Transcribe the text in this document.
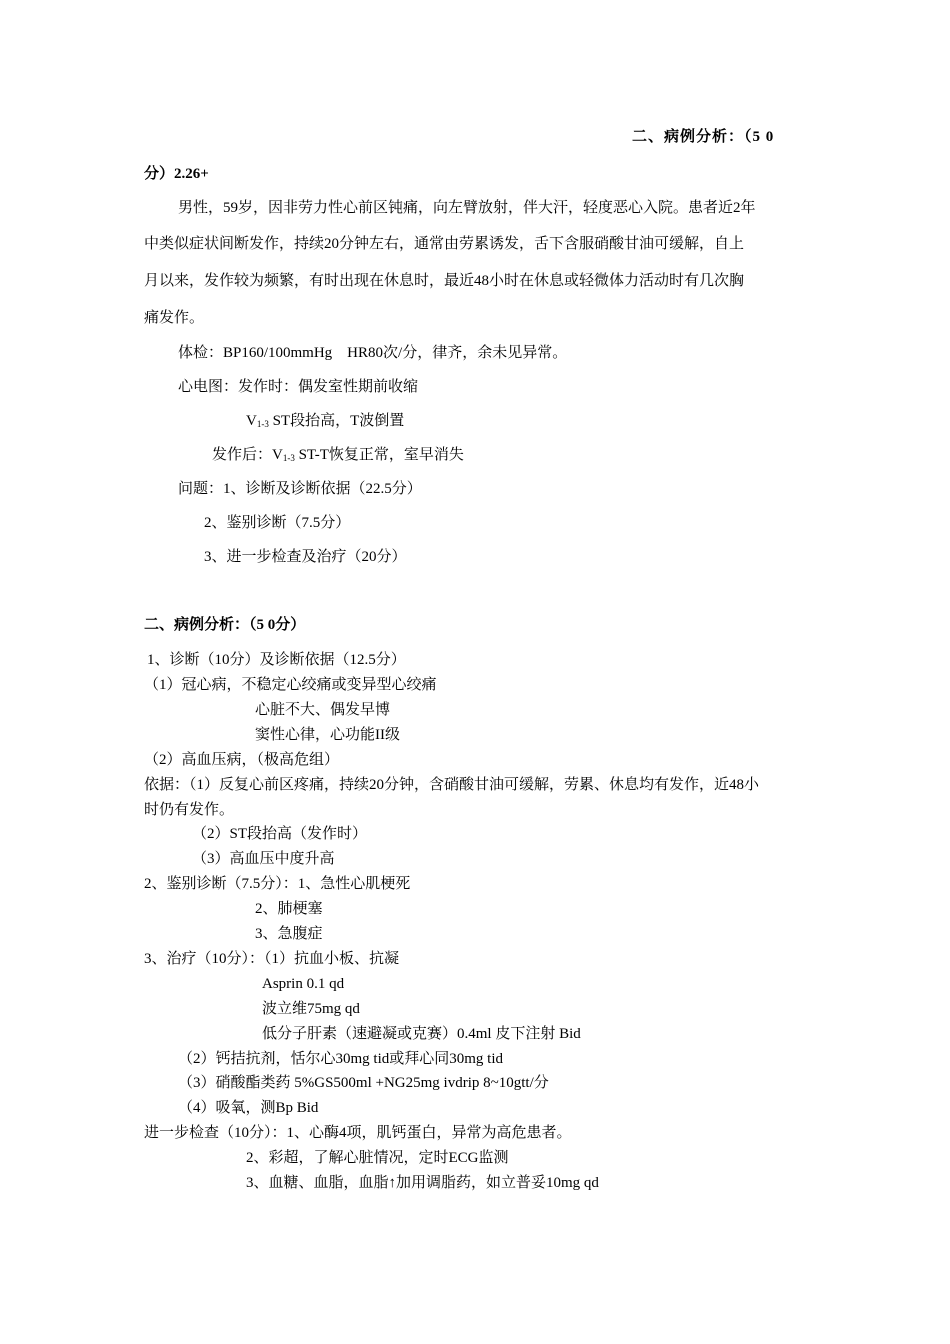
二、病例分析：（5 0
分）2.26+
男性，59岁，因非劳力性心前区钝痛，向左臂放射，伴大汗，轻度恶心入院。患者近2年
中类似症状间断发作，持续20分钟左右，通常由劳累诱发，舌下含服硝酸甘油可缓解，自上
月以来，发作较为频繁，有时出现在休息时，最近48小时在休息或轻微体力活动时有几次胸
痛发作。
体检：BP160/100mmHg　HR80次/分，律齐，余未见异常。
心电图：发作时：偶发室性期前收缩
$V_{1-3}$ ST段抬高，T波倒置
发作后：$V_{1-3}$ ST-T恢复正常，室早消失
问题：1、诊断及诊断依据（22.5分）
2、鉴别诊断（7.5分）
3、进一步检查及治疗（20分）
二、病例分析：（5 0分）
1、诊断（10分）及诊断依据（12.5分）
（1）冠心病，不稳定心绞痛或变异型心绞痛
心脏不大、偶发早博
窦性心律，心功能II级
（2）高血压病，（极高危组）
依据：（1）反复心前区疼痛，持续20分钟，含硝酸甘油可缓解，劳累、休息均有发作，近48小
时仍有发作。
（2）ST段抬高（发作时）
（3）高血压中度升高
2、鉴别诊断（7.5分）：1、急性心肌梗死
2、肺梗塞
3、急腹症
3、治疗（10分）：（1）抗血小板、抗凝
Asprin 0.1 qd
波立维75mg qd
低分子肝素（速避凝或克赛）0.4ml 皮下注射 Bid
（2）钙拮抗剂，恬尔心30mg tid或拜心同30mg tid
（3）硝酸酯类药 5%GS500ml +NG25mg ivdrip 8~10gtt/分
（4）吸氧，测Bp Bid
进一步检查（10分）：1、心酶4项，肌钙蛋白，异常为高危患者。
2、彩超，了解心脏情况，定时ECG监测
3、血糖、血脂，血脂↑加用调脂药，如立普妥10mg qd
